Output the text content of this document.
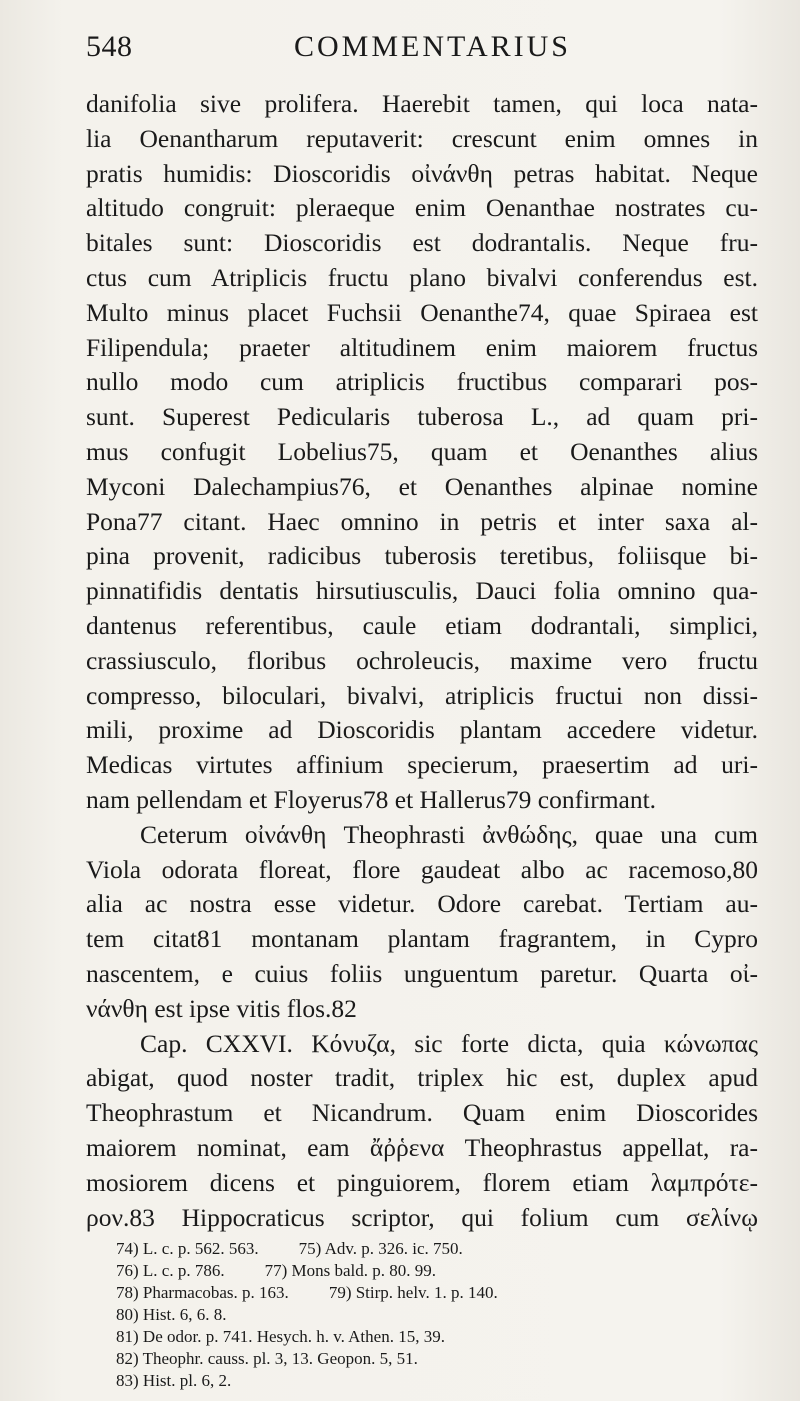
548	COMMENTARIUS
danifolia sive prolifera. Haerebit tamen, qui loca nata-
lia Oenantharum reputaverit: crescunt enim omnes in
pratis humidis: Dioscoridis οἰνάνθη petras habitat. Neque
altitudo congruit: pleraeque enim Oenanthae nostrates cu-
bitales sunt: Dioscoridis est dodrantalis. Neque fru-
ctus cum Atriplicis fructu plano bivalvi conferendus est.
Multo minus placet Fuchsii Oenanthe74, quae Spiraea est
Filipendula; praeter altitudinem enim maiorem fructus
nullo modo cum atriplicis fructibus comparari pos-
sunt. Superest Pedicularis tuberosa L., ad quam pri-
mus confugit Lobelius75, quam et Oenanthes alius
Myconi Dalechampius76, et Oenanthes alpinae nomine
Pona77 citant. Haec omnino in petris et inter saxa al-
pina provenit, radicibus tuberosis teretibus, foliisque bi-
pinnatifidis dentatis hirsutiusculis, Dauci folia omnino qua-
dantenus referentibus, caule etiam dodrantali, simplici,
crassiusculo, floribus ochroleucis, maxime vero fructu
compresso, biloculari, bivalvi, atriplicis fructui non dissi-
mili, proxime ad Dioscoridis plantam accedere videtur.
Medicas virtutes affinium specierum, praesertim ad uri-
nam pellendam et Floyerus78 et Hallerus79 confirmant.
Ceterum οἰνάνθη Theophrasti ἀνθώδης, quae una cum
Viola odorata floreat, flore gaudeat albo ac racemoso,80
alia ac nostra esse videtur. Odore carebat. Tertiam au-
tem citat81 montanam plantam fragrantem, in Cypro
nascentem, e cuius foliis unguentum paretur. Quarta οἰ-
νάνθη est ipse vitis flos.82
Cap. CXXVI. Κόνυζα, sic forte dicta, quia κώνωπας
abigat, quod noster tradit, triplex hic est, duplex apud
Theophrastum et Nicandrum. Quam enim Dioscorides
maiorem nominat, eam ἄῤῥενα Theophrastus appellat, ra-
mosiorem dicens et pinguiorem, florem etiam λαμπρότε-
ρον.83 Hippocraticus scriptor, qui folium cum σελίνῳ
74) L. c. p. 562. 563. 75) Adv. p. 326. ic. 750.
76) L. c. p. 786. 77) Mons bald. p. 80. 99.
78) Pharmacobas. p. 163. 79) Stirp. helv. 1. p. 140.
80) Hist. 6, 6. 8.
81) De odor. p. 741. Hesych. h. v. Athen. 15, 39.
82) Theophr. causs. pl. 3, 13. Geopon. 5, 51.
83) Hist. pl. 6, 2.
